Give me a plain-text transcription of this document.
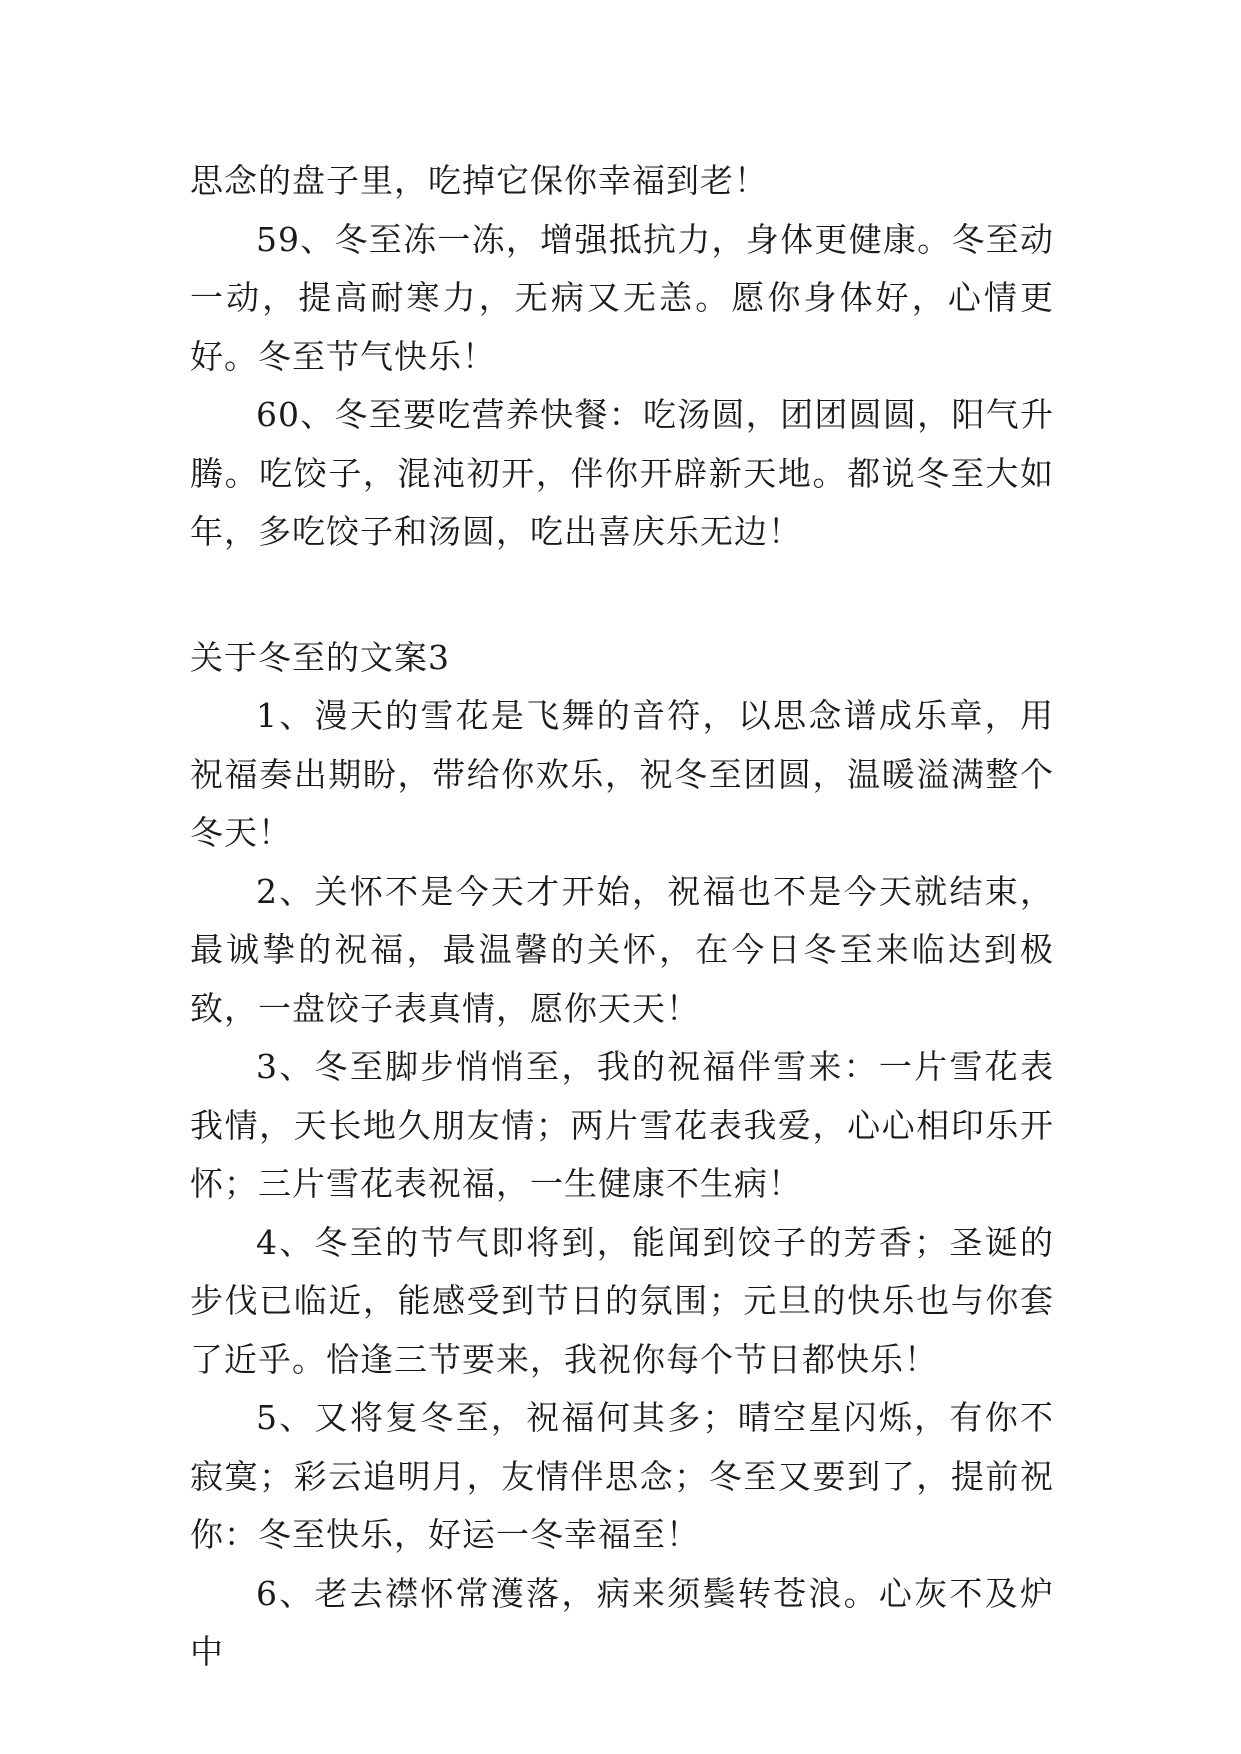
思念的盘子里，吃掉它保你幸福到老！

59、冬至冻一冻，增强抵抗力，身体更健康。冬至动一动，提高耐寒力，无病又无恙。愿你身体好，心情更好。冬至节气快乐！

60、冬至要吃营养快餐：吃汤圆，团团圆圆，阳气升腾。吃饺子，混沌初开，伴你开辟新天地。都说冬至大如年，多吃饺子和汤圆，吃出喜庆乐无边！

关于冬至的文案3

1、漫天的雪花是飞舞的音符，以思念谱成乐章，用祝福奏出期盼，带给你欢乐，祝冬至团圆，温暖溢满整个冬天！

2、关怀不是今天才开始，祝福也不是今天就结束，最诚挚的祝福，最温馨的关怀，在今日冬至来临达到极致，一盘饺子表真情，愿你天天！

3、冬至脚步悄悄至，我的祝福伴雪来：一片雪花表我情，天长地久朋友情；两片雪花表我爱，心心相印乐开怀；三片雪花表祝福，一生健康不生病！

4、冬至的节气即将到，能闻到饺子的芳香；圣诞的步伐已临近，能感受到节日的氛围；元旦的快乐也与你套了近乎。恰逢三节要来，我祝你每个节日都快乐！

5、又将复冬至，祝福何其多；晴空星闪烁，有你不寂寞；彩云追明月，友情伴思念；冬至又要到了，提前祝你：冬至快乐，好运一冬幸福至！

6、老去襟怀常濩落，病来须鬓转苍浪。心灰不及炉中
